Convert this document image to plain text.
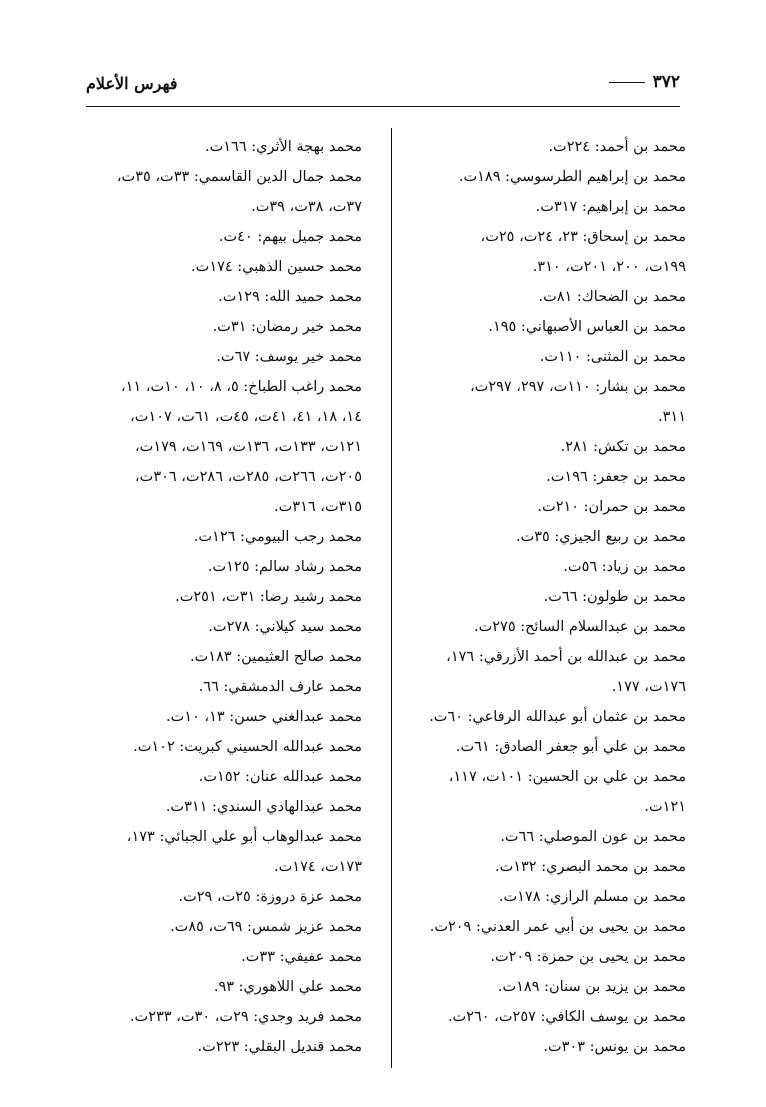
٣٧٢
فهرس الأعلام
محمد بن أحمد: ٢٢٤ت.
محمد بن إبراهيم الطرسوسي: ١٨٩ت.
محمد بن إبراهيم: ٣١٧ت.
محمد بن إسحاق: ٢٣، ٢٤ت، ٢٥ت،
١٩٩ت، ٢٠٠، ٢٠١ت، ٣١٠.
محمد بن الضحاك: ٨١ت.
محمد بن العباس الأصبهاني: ١٩٥.
محمد بن المثنى: ١١٠ت.
محمد بن بشار: ١١٠ت، ٢٩٧، ٢٩٧ت،
٣١١.
محمد بن تكش: ٢٨١.
محمد بن جعفر: ١٩٦ت.
محمد بن حمران: ٢١٠ت.
محمد بن ربيع الجيزي: ٣٥ت.
محمد بن زياد: ٥٦ت.
محمد بن طولون: ٦٦ت.
محمد بن عبدالسلام السائح: ٢٧٥ت.
محمد بن عبدالله بن أحمد الأزرقي: ١٧٦،
١٧٦ت، ١٧٧.
محمد بن عثمان أبو عبدالله الرفاعي: ٦٠ت.
محمد بن علي أبو جعفر الصادق: ٦١ت.
محمد بن علي بن الحسين: ١٠١ت، ١١٧،
١٢١ت.
محمد بن عون الموصلي: ٦٦ت.
محمد بن محمد البصري: ١٣٢ت.
محمد بن مسلم الرازي: ١٧٨ت.
محمد بن يحيى بن أبي عمر العدني: ٢٠٩ت.
محمد بن يحيى بن حمزة: ٢٠٩ت.
محمد بن يزيد بن سنان: ١٨٩ت.
محمد بن يوسف الكافي: ٢٥٧ت، ٢٦٠ت.
محمد بن يونس: ٣٠٣ت.
محمد بهجة الأثري: ١٦٦ت.
محمد جمال الدين القاسمي: ٣٣ت، ٣٥ت،
٣٧ت، ٣٨ت، ٣٩ت.
محمد جميل بيهم: ٤٠ت.
محمد حسين الذهبي: ١٧٤ت.
محمد حميد الله: ١٢٩ت.
محمد خير رمضان: ٣١ت.
محمد خير يوسف: ٦٧ت.
محمد راغب الطباخ: ٥، ٨، ١٠، ١٠ت، ١١،
١٤، ١٨، ٤١، ٤١ت، ٤٥ت، ٦١ت، ١٠٧ت،
١٢١ت، ١٣٣ت، ١٣٦ت، ١٦٩ت، ١٧٩ت،
٢٠٥ت، ٢٦٦ت، ٢٨٥ت، ٢٨٦ت، ٣٠٦ت،
٣١٥ت، ٣١٦ت.
محمد رجب البيومي: ١٢٦ت.
محمد رشاد سالم: ١٢٥ت.
محمد رشيد رضا: ٣١ت، ٢٥١ت.
محمد سيد كيلاني: ٢٧٨ت.
محمد صالح العثيمين: ١٨٣ت.
محمد عارف الدمشقي: ٦٦.
محمد عبدالغني حسن: ١٣، ١٠ت.
محمد عبدالله الحسيني كبريت: ١٠٢ت.
محمد عبدالله عنان: ١٥٢ت.
محمد عبدالهادي السندي: ٣١١ت.
محمد عبدالوهاب أبو علي الجبائي: ١٧٣،
١٧٣ت، ١٧٤ت.
محمد عزة دروزة: ٢٥ت، ٢٩ت.
محمد عزيز شمس: ٦٩ت، ٨٥ت.
محمد عفيفي: ٣٣ت.
محمد علي اللاهوري: ٩٣.
محمد فريد وجدي: ٢٩ت، ٣٠ت، ٢٣٣ت.
محمد قنديل البقلي: ٢٢٣ت.
